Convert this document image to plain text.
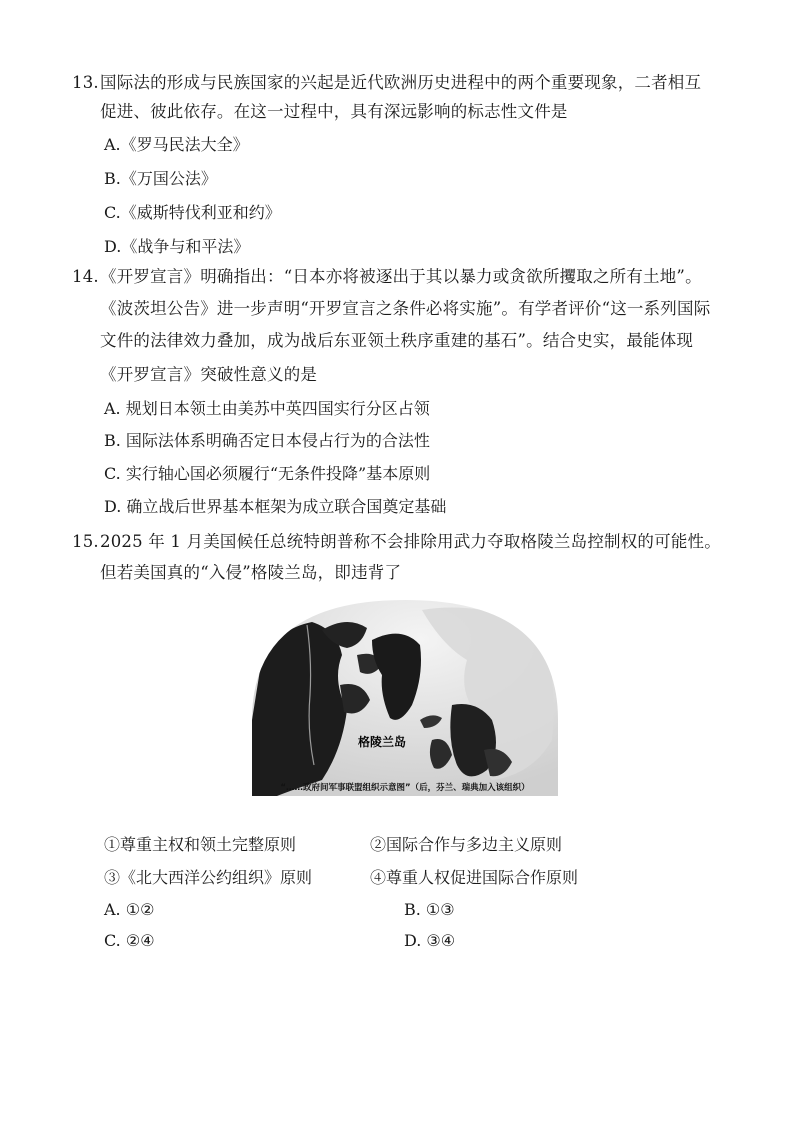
13.国际法的形成与民族国家的兴起是近代欧洲历史进程中的两个重要现象，二者相互
促进、彼此依存。在这一过程中，具有深远影响的标志性文件是
A.《罗马民法大全》
B.《万国公法》
C.《威斯特伐利亚和约》
D.《战争与和平法》
14.《开罗宣言》明确指出：“日本亦将被逐出于其以暴力或贪欲所攫取之所有土地”。
《波茨坦公告》进一步声明“开罗宣言之条件必将实施”。有学者评价“这一系列国际
文件的法律效力叠加，成为战后东亚领土秩序重建的基石”。结合史实，最能体现
《开罗宣言》突破性意义的是
A. 规划日本领土由美苏中英四国实行分区占领
B. 国际法体系明确否定日本侵占行为的合法性
C. 实行轴心国必须履行“无条件投降”基本原则
D. 确立战后世界基本框架为成立联合国奠定基础
15.2025 年 1 月美国候任总统特朗普称不会排除用武力夺取格陵兰岛控制权的可能性。
但若美国真的“入侵”格陵兰岛，即违背了
格陵兰岛
“……政府间军事联盟组织示意图”（后，芬兰、瑞典加入该组织）
①尊重主权和领土完整原则	②国际合作与多边主义原则
③《北大西洋公约组织》原则	④尊重人权促进国际合作原则
A. ①②	B. ①③
C. ②④	D. ③④
